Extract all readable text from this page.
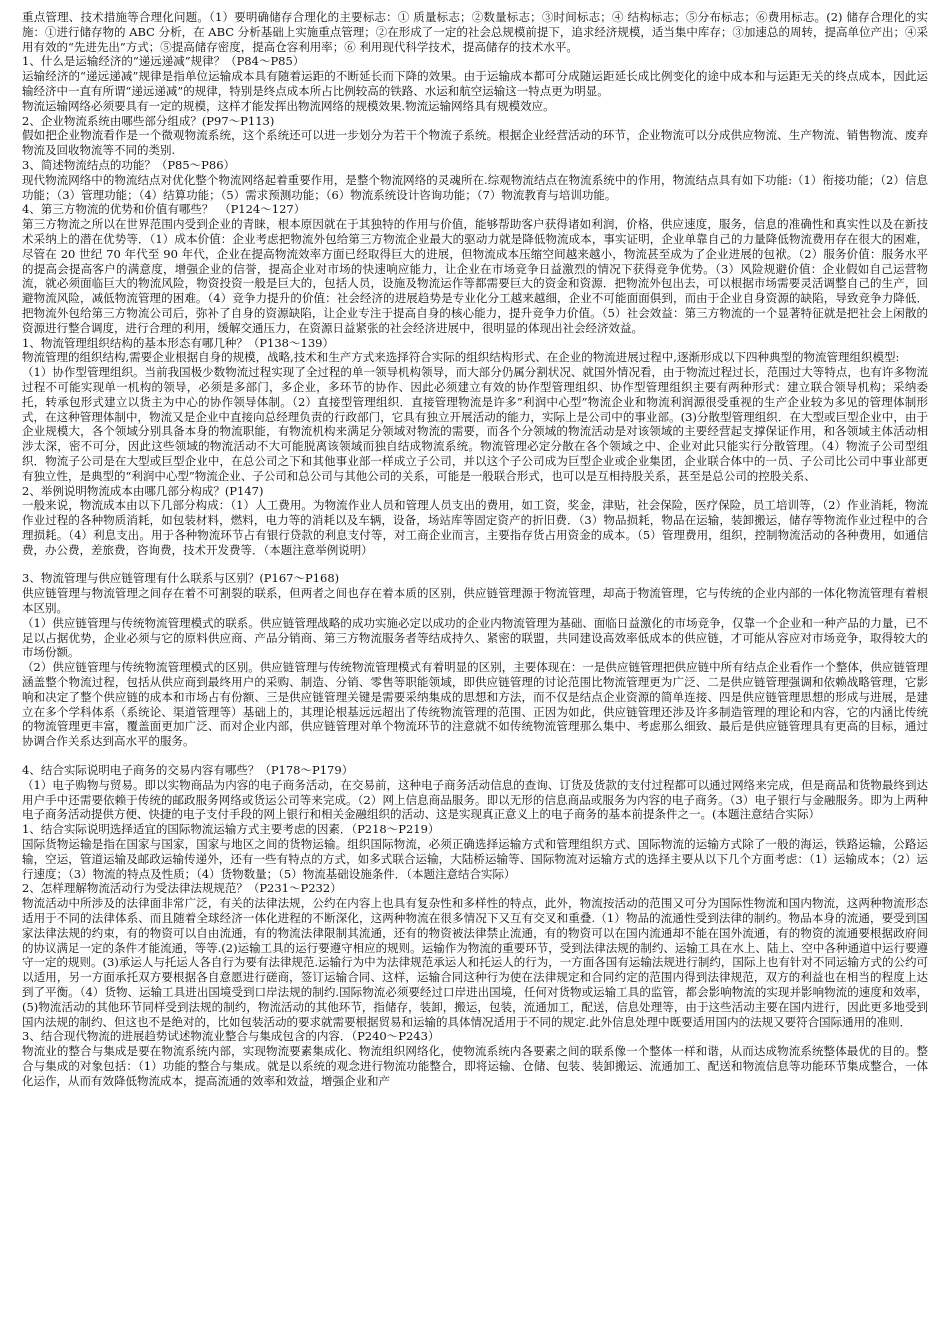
重点管理、技术措施等合理化问题。（1）要明确储存合理化的主要标志：① 质量标志；②数量标志；③时间标志；④ 结构标志；⑤分布标志；⑥费用标志。(2) 储存合理化的实施：①进行储存物的 ABC 分析，在 ABC 分析基础上实施重点管理；②在形成了一定的社会总规模前提下，追求经济规模，适当集中库存；③加速总的周转，提高单位产出；④采用有效的“先进先出”方式；⑤提高储存密度，提高仓容利用率；⑥ 利用现代科学技术，提高储存的技术水平。

1、什么是运输经济的“递远递减”规律？（P84～P85）

运输经济的“递远递减”规律是指单位运输成本具有随着运距的不断延长而下降的效果。由于运输成本都可分成随运距延长成比例变化的途中成本和与运距无关的终点成本，因此运输经济中一直有所谓“递远递减”的规律，特别是终点成本所占比例较高的铁路、水运和航空运输这一特点更为明显。

物流运输网络必须要具有一定的规模，这样才能发挥出物流网络的规模效果.物流运输网络具有规模效应。

2、企业物流系统由哪些部分组成？(P97～P113)

假如把企业物流看作是一个微观物流系统，这个系统还可以进一步划分为若干个物流子系统。根据企业经营活动的环节，企业物流可以分成供应物流、生产物流、销售物流、废弃物流及回收物流等不同的类别.

3、简述物流结点的功能？（P85～P86）

现代物流网络中的物流结点对优化整个物流网络起着重要作用，是整个物流网络的灵魂所在.综观物流结点在物流系统中的作用，物流结点具有如下功能:（1）衔接功能；（2）信息功能；（3）管理功能；（4）结算功能；（5）需求预测功能；（6）物流系统设计咨询功能；（7）物流教育与培训功能。

4、第三方物流的优势和价值有哪些？　（P124～127）

第三方物流之所以在世界范围内受到企业的青睐，根本原因就在于其独特的作用与价值，能够帮助客户获得诸如利润，价格，供应速度，服务，信息的准确性和真实性以及在新技术采纳上的潜在优势等．（1）成本价值：企业考虑把物流外包给第三方物流企业最大的驱动力就是降低物流成本，事实证明，企业单靠自己的力量降低物流费用存在很大的困难，尽管在 20 世纪 70 年代至 90 年代，企业在提高物流效率方面已经取得巨大的进展，但物流成本压缩空间越来越小，物流甚至成为了企业进展的包袱。（2）服务价值：服务水平的提高会提高客户的满意度，增强企业的信誉，提高企业对市场的快速响应能力，让企业在市场竞争日益激烈的情况下获得竞争优势。（3）风险规避价值：企业假如自己运营物流，就必须面临巨大的物流风险，物资投资一般是巨大的，包括人员，设施及物流运作等都需要巨大的资金和资源．把物流外包出去，可以根据市场需要灵活调整自己的生产，回避物流风险，减低物流管理的困难。（4）竞争力提升的价值：社会经济的进展趋势是专业化分工越来越细，企业不可能面面俱到，而由于企业自身资源的缺陷，导致竞争力降低．把物流外包给第三方物流公司后，弥补了自身的资源缺陷，让企业专注于提高自身的核心能力，提升竞争力价值。（5）社会效益：第三方物流的一个显著特征就是把社会上闲散的资源进行整合调度，进行合理的利用，缓解交通压力，在资源日益紧张的社会经济进展中，很明显的体现出社会经济效益。

1、物流管理组织结构的基本形态有哪几种？（P138～139）

物流管理的组织结构,需要企业根据自身的规模，战略,技术和生产方式来选择符合实际的组织结构形式、在企业的物流进展过程中,逐渐形成以下四种典型的物流管理组织模型:

（1）协作型管理组织。当前我国极少数物流过程实现了全过程的单一领导机构领导，而大部分仍属分割状况、就国外情况看，由于物流过程过长，范围过大等特点，也有许多物流过程不可能实现单一机构的领导，必须是多部门，多企业，多环节的协作、因此必须建立有效的协作型管理组织、协作型管理组织主要有两种形式：建立联合领导机构；采纳委托，转承包形式建立以货主为中心的协作领导体制。（2）直接型管理组织．直接管理物流是许多”利润中心型”物流企业和物流利润源很受重视的生产企业较为多见的管理体制形式，在这种管理体制中，物流又是企业中直接向总经理负责的行政部门，它具有独立开展活动的能力，实际上是公司中的事业部。(3)分散型管理组织．在大型或巨型企业中，由于企业规模大，各个领域分别具备本身的物流职能，有物流机构来满足分领域对物流的需要，而各个分领域的物流活动是对该领域的主要经营起支撑保证作用，和各领域主体活动相涉太深，密不可分，因此这些领域的物流活动不大可能脱离该领域而独自结成物流系统。物流管理必定分散在各个领域之中、企业对此只能实行分散管理。（4）物流子公司型组织．物流子公司是在大型或巨型企业中，在总公司之下和其他事业部一样成立子公司，并以这个子公司成为巨型企业或企业集团，企业联合体中的一员、子公司比公司中事业部更有独立性，是典型的“利润中心型”物流企业、子公司和总公司与其他公司的关系，可能是一般联合形式，也可以是互相持股关系，甚至是总公司的控股关系、

2、举例说明物流成本由哪几部分构成？(P147)

一般来说，物流成本由以下几部分构成：（1）人工费用。为物流作业人员和管理人员支出的费用，如工资，奖金，津贴，社会保险，医疗保险，员工培训等，（2）作业消耗，物流作业过程的各种物质消耗，如包装材料，燃料，电力等的消耗以及车辆，设备，场站库等固定资产的折旧费．（3）物品损耗，物品在运输，装卸搬运，储存等物流作业过程中的合理损耗。（4）利息支出。用于各种物流环节占有银行贷款的利息支付等，对工商企业而言，主要指存货占用资金的成本。（5）管理费用，组织，控制物流活动的各种费用，如通信费，办公费，差旅费，咨询费，技术开发费等．（本题注意举例说明）

3、物流管理与供应链管理有什么联系与区别？(P167～P168)

供应链管理与物流管理之间存在着不可割裂的联系，但两者之间也存在着本质的区别，供应链管理源于物流管理，却高于物流管理，它与传统的企业内部的一体化物流管理有着根本区别。

（1）供应链管理与传统物流管理模式的联系。供应链管理战略的成功实施必定以成功的企业内物流管理为基础、面临日益激化的市场竞争，仅靠一个企业和一种产品的力量，已不足以占据优势，企业必须与它的原料供应商、产品分销商、第三方物流服务者等结成持久、紧密的联盟，共同建设高效率低成本的供应链，才可能从容应对市场竞争，取得较大的市场份额。

（2）供应链管理与传统物流管理模式的区别。供应链管理与传统物流管理模式有着明显的区别，主要体现在：一是供应链管理把供应链中所有结点企业看作一个整体，供应链管理涵盖整个物流过程，包括从供应商到最终用户的采购、制造、分销、零售等职能领域，即供应链管理的讨论范围比物流管理更为广泛、二是供应链管理强调和依赖战略管理，它影响和决定了整个供应链的成本和市场占有份额、三是供应链管理关键是需要采纳集成的思想和方法，而不仅是结点企业资源的简单连接、四是供应链管理思想的形成与进展，是建立在多个学科体系（系统论、渠道管理等）基础上的，其理论根基远远超出了传统物流管理的范围、正因为如此，供应链管理还涉及许多制造管理的理论和内容，它的内涵比传统的物流管理更丰富，覆盖面更加广泛、而对企业内部，供应链管理对单个物流环节的注意就不如传统物流管理那么集中、考虑那么细致、最后是供应链管理具有更高的目标，通过协调合作关系达到高水平的服务。

4、结合实际说明电子商务的交易内容有哪些？（P178～P179）

（1）电子购物与贸易。即以实物商品为内容的电子商务活动，在交易前，这种电子商务活动信息的查询、订货及货款的支付过程都可以通过网络来完成，但是商品和货物最终到达用户手中还需要依赖于传统的邮政服务网络或货运公司等来完成。（2）网上信息商品服务。即以无形的信息商品或服务为内容的电子商务。（3）电子银行与金融服务。即为上两种电子商务活动提供方便、快捷的电子支付手段的网上银行和相关金融组织的活动、这是实现真正意义上的电子商务的基本前提条件之一。(本题注意结合实际）

1、结合实际说明选择适宜的国际物流运输方式主要考虑的因素．（P218～P219）

国际货物运输是指在国家与国家，国家与地区之间的货物运输。组织国际物流，必须正确选择运输方式和管理组织方式、国际物流的运输方式除了一般的海运，铁路运输，公路运输，空运，管道运输及邮政运输传递外，还有一些有特点的方式，如多式联合运输，大陆桥运输等、国际物流对运输方式的选择主要从以下几个方面考虑：（1）运输成本；（2）运行速度；（3）物流的特点及性质；（4）货物数量；（5）物流基础设施条件．（本题注意结合实际）

2、怎样理解物流活动行为受法律法规规范？（P231～P232）

物流活动中所涉及的法律面非常广泛，有关的法律法规，公约在内容上也具有复杂性和多样性的特点，此外，物流按活动的范围又可分为国际性物流和国内物流，这两种物流形态适用于不同的法律体系、而且随着全球经济一体化进程的不断深化，这两种物流在很多情况下又互有交叉和重叠.（1）物品的流通性受到法律的制约。物品本身的流通，要受到国家法律法规的约束，有的物资可以自由流通，有的物流法律限制其流通，还有的物资被法律禁止流通，有的物资可以在国内流通却不能在国外流通，有的物资的流通要根据政府间的协议满足一定的条件才能流通，等等.(2)运输工具的运行要遵守相应的规则。运输作为物流的重要环节，受到法律法规的制约、运输工具在水上、陆上、空中各种通道中运行要遵守一定的规则。(3)承运人与托运人各自行为要有法律规范.运输行为中为法律规范承运人和托运人的行为，一方面各国有运输法规进行制约，国际上也有针对不同运输方式的公约可以适用，另一方面承托双方要根据各自意愿进行磋商，签订运输合同、这样，运输合同这种行为使在法律规定和合同约定的范围内得到法律规范，双方的利益也在相当的程度上达到了平衡。（4）货物、运输工具进出国境受到口岸法规的制约.国际物流必须要经过口岸进出国境，任何对货物或运输工具的监管，都会影响物流的实现并影响物流的速度和效率，(5)物流活动的其他环节同样受到法规的制约，物流活动的其他环节，指储存，装卸，搬运，包装，流通加工，配送，信息处理等，由于这些活动主要在国内进行，因此更多地受到国内法规的制约、但这也不是绝对的，比如包装活动的要求就需要根据贸易和运输的具体情况适用于不同的规定.此外信息处理中既要适用国内的法规又要符合国际通用的准则．

3、结合现代物流的进展趋势试述物流业整合与集成包含的内容．（P240～P243）

物流业的整合与集成是要在物流系统内部，实现物流要素集成化、物流组织网络化，使物流系统内各要素之间的联系像一个整体一样和谐，从而达成物流系统整体最优的目的。整合与集成的对象包括：（1）功能的整合与集成。就是以系统的观念进行物流功能整合，即将运输、仓储、包装、装卸搬运、流通加工、配送和物流信息等功能环节集成整合，一体化运作，从而有效降低物流成本，提高流通的效率和效益，增强企业和产
